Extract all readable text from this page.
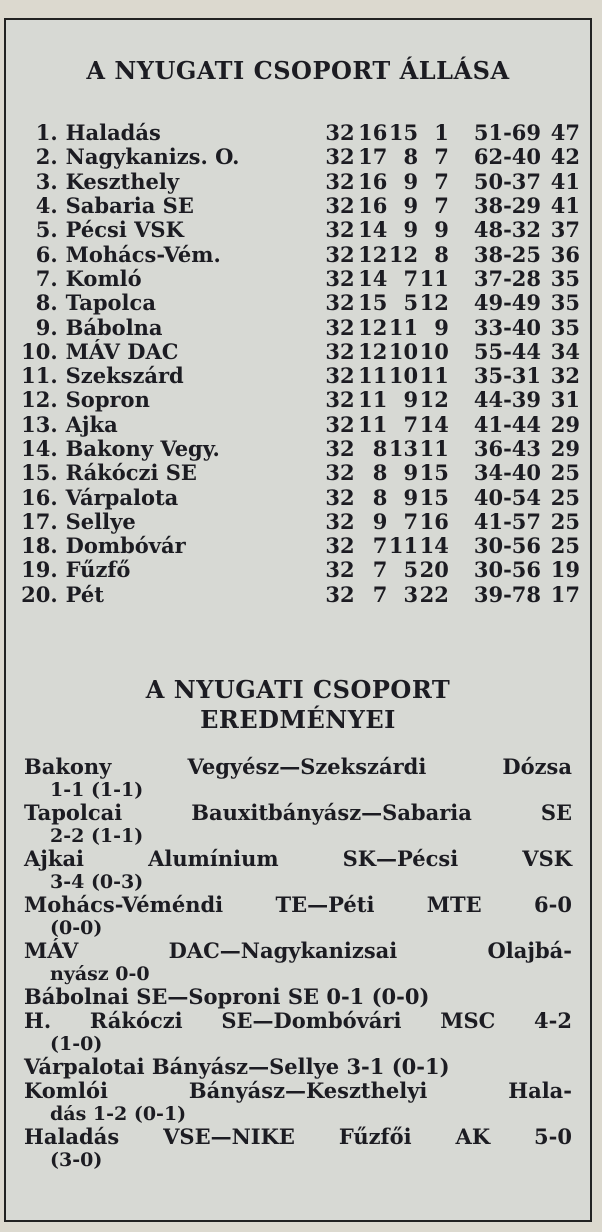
A NYUGATI CSOPORT ÁLLÁSA
1.	Haladás	32	16	15	1	51-69	47
2.	Nagykanizs. O.	32	17	8	7	62-40	42
3.	Keszthely	32	16	9	7	50-37	41
4.	Sabaria SE	32	16	9	7	38-29	41
5.	Pécsi VSK	32	14	9	9	48-32	37
6.	Mohács-Vém.	32	12	12	8	38-25	36
7.	Komló	32	14	7	11	37-28	35
8.	Tapolca	32	15	5	12	49-49	35
9.	Bábolna	32	12	11	9	33-40	35
10.	MÁV DAC	32	12	10	10	55-44	34
11.	Szekszárd	32	11	10	11	35-31	32
12.	Sopron	32	11	9	12	44-39	31
13.	Ajka	32	11	7	14	41-44	29
14.	Bakony Vegy.	32	8	13	11	36-43	29
15.	Rákóczi SE	32	8	9	15	34-40	25
16.	Várpalota	32	8	9	15	40-54	25
17.	Sellye	32	9	7	16	41-57	25
18.	Dombóvár	32	7	11	14	30-56	25
19.	Fűzfő	32	7	5	20	30-56	19
20.	Pét	32	7	3	22	39-78	17
A NYUGATI CSOPORT
EREDMÉNYEI
Bakony Vegyész—Szekszárdi Dózsa
1-1 (1-1)
Tapolcai Bauxitbányász—Sabaria SE
2-2 (1-1)
Ajkai Alumínium SK—Pécsi VSK
3-4 (0-3)
Mohács-Véméndi TE—Péti MTE 6-0
(0-0)
MÁV DAC—Nagykanizsai Olajbá-
nyász 0-0
Bábolnai SE—Soproni SE 0-1 (0-0)
H. Rákóczi SE—Dombóvári MSC 4-2
(1-0)
Várpalotai Bányász—Sellye 3-1 (0-1)
Komlói Bányász—Keszthelyi Hala-
dás 1-2 (0-1)
Haladás VSE—NIKE Fűzfői AK 5-0
(3-0)
